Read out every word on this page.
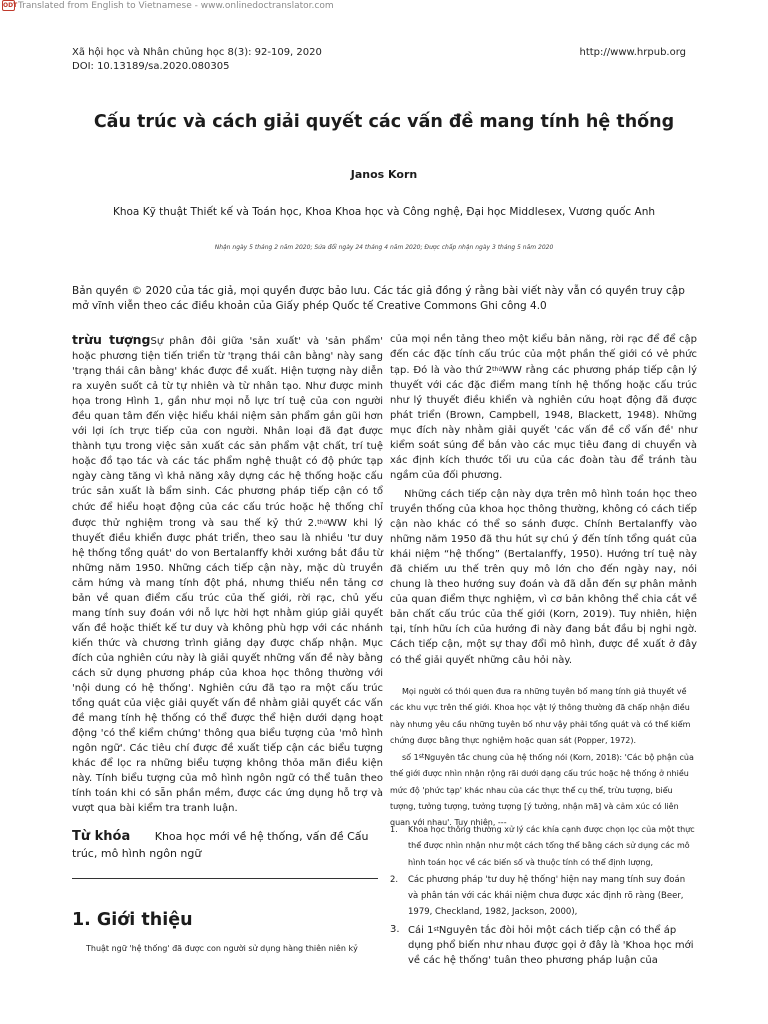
ODT Translated from English to Vietnamese - www.onlinedoctranslator.com
Xã hội học và Nhân chủng học 8(3): 92-109, 2020
DOI: 10.13189/sa.2020.080305
http://www.hrpub.org
Cấu trúc và cách giải quyết các vấn đề mang tính hệ thống
Janos Korn
Khoa Kỹ thuật Thiết kế và Toán học, Khoa Khoa học và Công nghệ, Đại học Middlesex, Vương quốc Anh
Nhận ngày 5 tháng 2 năm 2020; Sửa đổi ngày 24 tháng 4 năm 2020; Được chấp nhận ngày 3 tháng 5 năm 2020
Bản quyền © 2020 của tác giả, mọi quyền được bảo lưu. Các tác giả đồng ý rằng bài viết này vẫn có quyền truy cập mở vĩnh viễn theo các điều khoản của Giấy phép Quốc tế Creative Commons Ghi công 4.0
trừu tượngSự phân đôi giữa 'sản xuất' và 'sản phẩm' hoặc phương tiện tiến triển từ 'trạng thái cân bằng' này sang 'trạng thái cân bằng' khác được đề xuất. Hiện tượng này diễn ra xuyên suốt cả từ tự nhiên và từ nhân tạo. Như được minh họa trong Hình 1, gần như mọi nỗ lực trí tuệ của con người đều quan tâm đến việc hiểu khái niệm sản phẩm gắn gũi hơn với lợi ích trực tiếp của con người. Nhân loại đã đạt được thành tựu trong việc sản xuất các sản phẩm vật chất, trí tuệ hoặc đồ tạo tác và các tác phẩm nghệ thuật có độ phức tạp ngày càng tăng vì khả năng xây dựng các hệ thống hoặc cấu trúc sản xuất là bẩm sinh. Các phương pháp tiếp cận có tổ chức để hiểu hoạt động của các cấu trúc hoặc hệ thống chỉ được thử nghiệm trong và sau thế kỷ thứ 2.$^{thứ}$WW khi lý thuyết điều khiển được phát triển, theo sau là nhiều 'tư duy hệ thống tổng quát' do von Bertalanffy khởi xướng bắt đầu từ những năm 1950. Những cách tiếp cận này, mặc dù truyền cảm hứng và mang tính đột phá, nhưng thiếu nền tảng cơ bản về quan điểm cấu trúc của thế giới, rời rạc, chủ yếu mang tính suy đoán với nỗ lực hời hợt nhằm giúp giải quyết vấn đề hoặc thiết kế tư duy và không phù hợp với các nhánh kiến thức và chương trình giảng dạy được chấp nhận. Mục đích của nghiên cứu này là giải quyết những vấn đề này bằng cách sử dụng phương pháp của khoa học thông thường với 'nội dung có hệ thống'. Nghiên cứu đã tạo ra một cấu trúc tổng quát của việc giải quyết vấn đề nhằm giải quyết các vấn đề mang tính hệ thống có thể được thể hiện dưới dạng hoạt động 'có thể kiểm chứng' thông qua biểu tượng của 'mô hình ngôn ngữ'. Các tiêu chí được đề xuất tiếp cận các biểu tượng khác để lọc ra những biểu tượng không thỏa mãn điều kiện này. Tính biểu tượng của mô hình ngôn ngữ có thể tuân theo tính toán khi có sẵn phần mềm, được các ứng dụng hỗ trợ và vượt qua bài kiểm tra tranh luận.
Từ khóa Khoa học mới về hệ thống, vấn đề Cấu trúc, mô hình ngôn ngữ
1. Giới thiệu
Thuật ngữ 'hệ thống' đã được con người sử dụng hàng thiên niên kỷ
của mọi nền tảng theo một kiểu bản năng, rời rạc để để cập đến các đặc tính cấu trúc của một phần thế giới có vẻ phức tạp. Đó là vào thứ $2^{thứ}WW$ rằng các phương pháp tiếp cận lý thuyết với các đặc điểm mang tính hệ thống hoặc cấu trúc như lý thuyết điều khiển và nghiên cứu hoạt động đã được phát triển (Brown, Campbell, 1948, Blackett, 1948). Những mục đích này nhằm giải quyết 'các vấn đề cổ vấn đề' như kiểm soát súng để bắn vào các mục tiêu đang di chuyển và xác định kích thước tối ưu của các đoàn tàu để tránh tàu ngầm của đối phương.
Những cách tiếp cận này dựa trên mô hình toán học theo truyền thống của khoa học thông thường, không có cách tiếp cận nào khác có thể so sánh được. Chính Bertalanffy vào những năm 1950 đã thu hút sự chú ý đến tính tổng quát của khái niệm “hệ thống” (Bertalanffy, 1950). Hướng trí tuệ này đã chiếm ưu thế trên quy mô lớn cho đến ngày nay, nói chung là theo hướng suy đoán và đã dẫn đến sự phân mảnh của quan điểm thực nghiệm, vì cơ bản không thể chia cắt về bản chất cấu trúc của thế giới (Korn, 2019). Tuy nhiên, hiện tại, tính hữu ích của hướng đi này đang bắt đầu bị nghi ngờ. Cách tiếp cận, một sự thay đổi mô hình, được đề xuất ở đây có thể giải quyết những câu hỏi này.

Mọi người có thói quen đưa ra những tuyên bố mang tính giả thuyết về các khu vực trên thế giới. Khoa học vật lý thông thường đã chấp nhận điều này nhưng yêu cầu những tuyên bố như vậy phải tổng quát và có thể kiểm chứng được bằng thực nghiệm hoặc quan sát (Popper, 1972).

số 1stNguyên tắc chung của hệ thống nói (Korn, 2018): 'Các bộ phận của thế giới được nhìn nhận rộng rãi dưới dạng cấu trúc hoặc hệ thống ở nhiều mức độ 'phức tạp' khác nhau của các thực thể cụ thể, trừu tượng, biểu tượng, tưởng tượng, tưởng tượng [ý tưởng, nhận mã] và cảm xúc có liên quan với nhau'. Tuy nhiên, ---

1. Khoa học thông thường xử lý các khía cạnh được chọn lọc của một thực thể được nhìn nhận như một cách tổng thể bằng cách sử dụng các mô hình toán học về các biến số và thuộc tính có thể định lượng,
2. Các phương pháp 'tư duy hệ thống' hiện nay mang tính suy đoán và phân tán với các khái niệm chưa được xác định rõ ràng (Beer, 1979, Checkland, 1982, Jackson, 2000),
3. Cái 1stNguyên tắc đòi hỏi một cách tiếp cận có thể áp dụng phổ biến như nhau được gọi ở đây là 'Khoa học mới về các hệ thống' tuân theo phương pháp luận của
